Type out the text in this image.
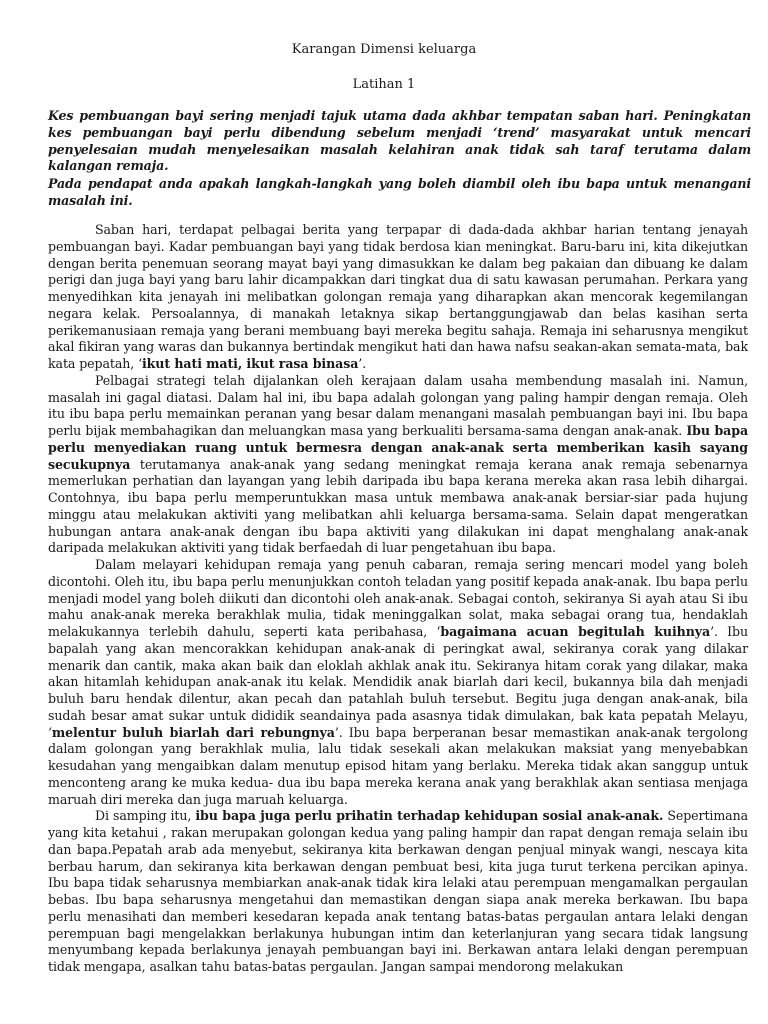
Karangan Dimensi keluarga
Latihan 1
Kes pembuangan bayi sering menjadi tajuk utama dada akhbar tempatan saban hari. Peningkatan kes pembuangan bayi perlu dibendung sebelum menjadi ‘trend’ masyarakat untuk mencari penyelesaian mudah menyelesaikan masalah kelahiran anak tidak sah taraf terutama dalam kalangan remaja.
Pada pendapat anda apakah langkah-langkah yang boleh diambil oleh ibu bapa untuk menangani masalah ini.

Saban hari, terdapat pelbagai berita yang terpapar di dada-dada akhbar harian tentang jenayah pembuangan bayi. Kadar pembuangan bayi yang tidak berdosa kian meningkat. Baru-baru ini, kita dikejutkan dengan berita penemuan seorang mayat bayi yang dimasukkan ke dalam beg pakaian dan dibuang ke dalam perigi dan juga bayi yang baru lahir dicampakkan dari tingkat dua di satu kawasan perumahan. Perkara yang menyedihkan kita jenayah ini melibatkan golongan remaja yang diharapkan akan mencorak kegemilangan negara kelak. Persoalannya, di manakah letaknya sikap bertanggungjawab dan belas kasihan serta perikemanusiaan remaja yang berani membuang bayi mereka begitu sahaja. Remaja ini seharusnya mengikut akal fikiran yang waras dan bukannya bertindak mengikut hati dan hawa nafsu seakan-akan semata-mata, bak kata pepatah, ‘ikut hati mati, ikut rasa binasa’.

Pelbagai strategi telah dijalankan oleh kerajaan dalam usaha membendung masalah ini. Namun, masalah ini gagal diatasi. Dalam hal ini, ibu bapa adalah golongan yang paling hampir dengan remaja. Oleh itu ibu bapa perlu memainkan peranan yang besar dalam menangani masalah pembuangan bayi ini. Ibu bapa perlu bijak membahagikan dan meluangkan masa yang berkualiti bersama-sama dengan anak-anak. Ibu bapa perlu menyediakan ruang untuk bermesra dengan anak-anak serta memberikan kasih sayang secukupnya terutamanya anak-anak yang sedang meningkat remaja kerana anak remaja sebenarnya memerlukan perhatian dan layangan yang lebih daripada ibu bapa kerana mereka akan rasa lebih dihargai. Contohnya, ibu bapa perlu memperuntukkan masa untuk membawa anak-anak bersiar-siar pada hujung minggu atau melakukan aktiviti yang melibatkan ahli keluarga bersama-sama. Selain dapat mengeratkan hubungan antara anak-anak dengan ibu bapa aktiviti yang dilakukan ini dapat menghalang anak-anak daripada melakukan aktiviti yang tidak berfaedah di luar pengetahuan ibu bapa.

Dalam melayari kehidupan remaja yang penuh cabaran, remaja sering mencari model yang boleh dicontohi. Oleh itu, ibu bapa perlu menunjukkan contoh teladan yang positif kepada anak-anak. Ibu bapa perlu menjadi model yang boleh diikuti dan dicontohi oleh anak-anak. Sebagai contoh, sekiranya Si ayah atau Si ibu mahu anak-anak mereka berakhlak mulia, tidak meninggalkan solat, maka sebagai orang tua, hendaklah melakukannya terlebih dahulu, seperti kata peribahasa, ‘bagaimana acuan begitulah kuihnya’. Ibu bapalah yang akan mencorakkan kehidupan anak-anak di peringkat awal, sekiranya corak yang dilakar menarik dan cantik, maka akan baik dan eloklah akhlak anak itu. Sekiranya hitam corak yang dilakar, maka akan hitamlah kehidupan anak-anak itu kelak. Mendidik anak biarlah dari kecil, bukannya bila dah menjadi buluh baru hendak dilentur, akan pecah dan patahlah buluh tersebut. Begitu juga dengan anak-anak, bila sudah besar amat sukar untuk dididik seandainya pada asasnya tidak dimulakan, bak kata pepatah Melayu, ‘melentur buluh biarlah dari rebungnya’. Ibu bapa berperanan besar memastikan anak-anak tergolong dalam golongan yang berakhlak mulia, lalu tidak sesekali akan melakukan maksiat yang menyebabkan kesudahan yang mengaibkan dalam menutup episod hitam yang berlaku. Mereka tidak akan sanggup untuk menconteng arang ke muka kedua- dua ibu bapa mereka kerana anak yang berakhlak akan sentiasa menjaga maruah diri mereka dan juga maruah keluarga.

Di samping itu, ibu bapa juga perlu prihatin terhadap kehidupan sosial anak-anak. Sepertimana yang kita ketahui , rakan merupakan golongan kedua yang paling hampir dan rapat dengan remaja selain ibu dan bapa.Pepatah arab ada menyebut, sekiranya kita berkawan dengan penjual minyak wangi, nescaya kita berbau harum, dan sekiranya kita berkawan dengan pembuat besi, kita juga turut terkena percikan apinya. Ibu bapa tidak seharusnya membiarkan anak-anak tidak kira lelaki atau perempuan mengamalkan pergaulan bebas. Ibu bapa seharusnya mengetahui dan memastikan dengan siapa anak mereka berkawan. Ibu bapa perlu menasihati dan memberi kesedaran kepada anak tentang batas-batas pergaulan antara lelaki dengan perempuan bagi mengelakkan berlakunya hubungan intim dan keterlanjuran yang secara tidak langsung menyumbang kepada berlakunya jenayah pembuangan bayi ini. Berkawan antara lelaki dengan perempuan tidak mengapa, asalkan tahu batas-batas pergaulan. Jangan sampai mendorong melakukan
